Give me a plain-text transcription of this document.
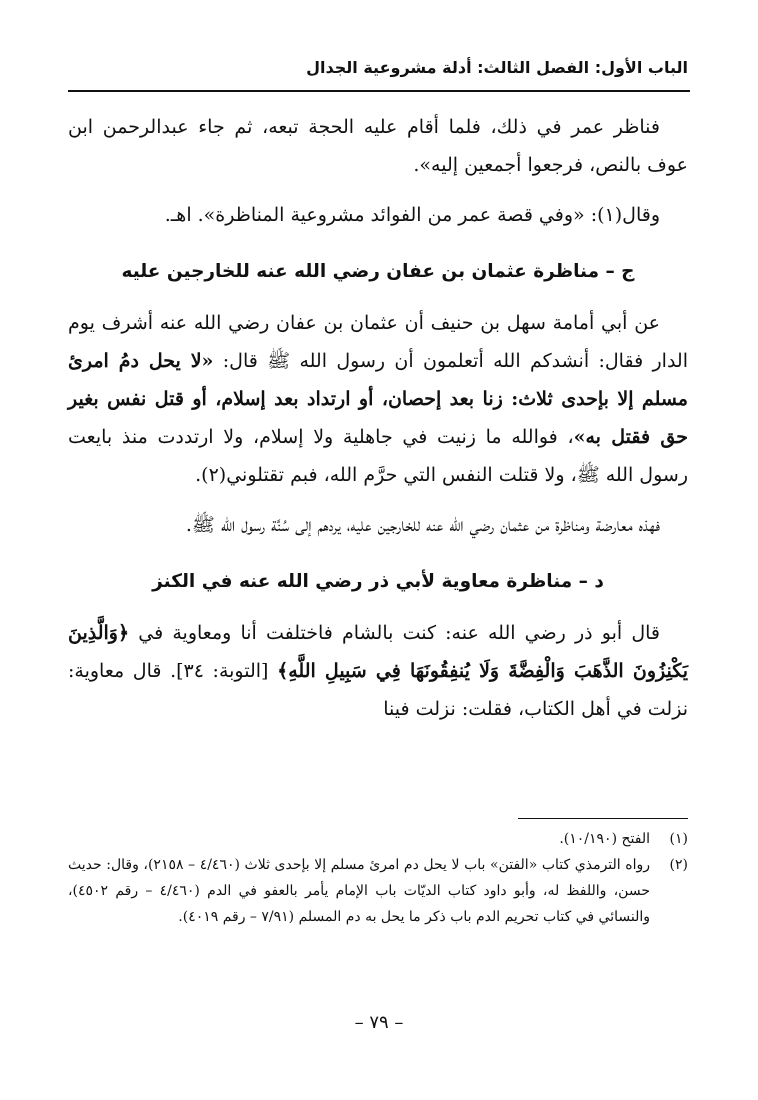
الباب الأول: الفصل الثالث: أدلة مشروعية الجدال

فناظر عمر في ذلك، فلما أقام عليه الحجة تبعه، ثم جاء عبدالرحمن ابن عوف بالنص، فرجعوا أجمعين إليه».

وقال(١): «وفي قصة عمر من الفوائد مشروعية المناظرة». اهـ.

ج – مناظرة عثمان بن عفان رضي الله عنه للخارجين عليه

عن أبي أمامة سهل بن حنيف أن عثمان بن عفان رضي الله عنه أشرف يوم الدار فقال: أنشدكم الله أتعلمون أن رسول الله ﷺ قال: «لا يحل دمُ امرئ مسلم إلا بإحدى ثلاث: زنا بعد إحصان، أو ارتداد بعد إسلام، أو قتل نفس بغير حق فقتل به»، فوالله ما زنيت في جاهلية ولا إسلام، ولا ارتددت منذ بايعت رسول الله ﷺ، ولا قتلت النفس التي حرَّم الله، فبم تقتلوني(٢).

فهذه معارضة ومناظرة من عثمان رضي الله عنه للخارجين عليه، يردهم إلى سُنَّة رسول الله ﷺ.

د – مناظرة معاوية لأبي ذر رضي الله عنه في الكنز

قال أبو ذر رضي الله عنه: كنت بالشام فاختلفت أنا ومعاوية في ﴿وَالَّذِينَ يَكْنِزُونَ الذَّهَبَ وَالْفِضَّةَ وَلَا يُنفِقُونَهَا فِي سَبِيلِ اللَّهِ﴾ [التوبة: ٣٤]. قال معاوية: نزلت في أهل الكتاب، فقلت: نزلت فينا

(١)
الفتح (١٠/١٩٠).
(٢)
رواه الترمذي كتاب «الفتن» باب لا يحل دم امرئ مسلم إلا بإحدى ثلاث (٤/٤٦٠ – ٢١٥٨)، وقال: حديث حسن، واللفظ له، وأبو داود كتاب الديّات باب الإمام يأمر بالعفو في الدم (٤/٤٦٠ – رقم ٤٥٠٢)، والنسائي في كتاب تحريم الدم باب ذكر ما يحل به دم المسلم (٧/٩١ – رقم ٤٠١٩).
– ٧٩ –
